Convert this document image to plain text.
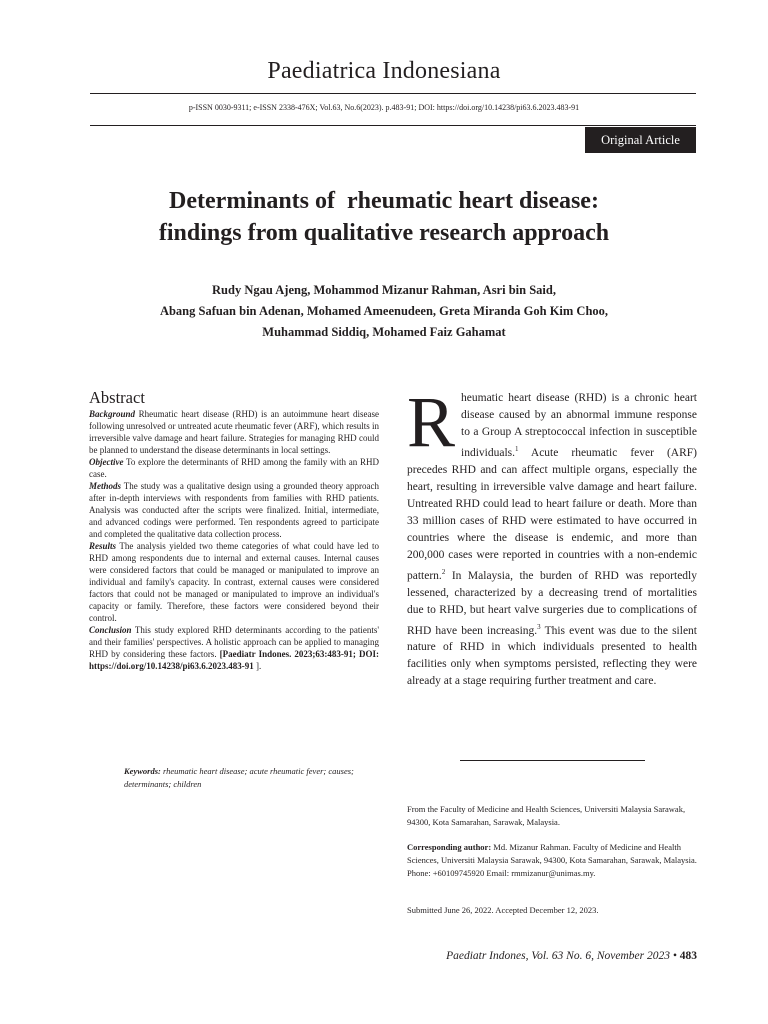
Paediatrica Indonesiana
p-ISSN 0030-9311; e-ISSN 2338-476X; Vol.63, No.6(2023). p.483-91; DOI: https://doi.org/10.14238/pi63.6.2023.483-91
Original Article
Determinants of  rheumatic heart disease:
findings from qualitative research approach
Rudy Ngau Ajeng, Mohammod Mizanur Rahman, Asri bin Said,
Abang Safuan bin Adenan, Mohamed Ameenudeen, Greta Miranda Goh Kim Choo,
Muhammad Siddiq, Mohamed Faiz Gahamat
Abstract

Background Rheumatic heart disease (RHD) is an autoimmune heart disease following unresolved or untreated acute rheumatic fever (ARF), which results in irreversible valve damage and heart failure. Strategies for managing RHD could be planned to understand the disease determinants in local settings.

Objective To explore the determinants of RHD among the family with an RHD case.

Methods The study was a qualitative design using a grounded theory approach after in-depth interviews with respondents from families with RHD patients. Analysis was conducted after the scripts were finalized. Initial, intermediate, and advanced codings were performed. Ten respondents agreed to participate and completed the qualitative data collection process.

Results The analysis yielded two theme categories of what could have led to RHD among respondents due to internal and external causes. Internal causes were considered factors that could be managed or manipulated to improve an individual and family's capacity. In contrast, external causes were considered factors that could not be managed or manipulated to improve an individual's capacity or family. Therefore, these factors were considered beyond their control.

Conclusion This study explored RHD determinants according to the patients' and their families' perspectives. A holistic approach can be applied to managing RHD by considering these factors. [Paediatr Indones. 2023;63:483-91; DOI: https://doi.org/10.14238/pi63.6.2023.483-91 ].

Keywords: rheumatic heart disease; acute rheumatic fever; causes; determinants; children
Rheumatic heart disease (RHD) is a chronic heart disease caused by an abnormal immune response to a Group A streptococcal infection in susceptible individuals.$^1$ Acute rheumatic fever (ARF) precedes RHD and can affect multiple organs, especially the heart, resulting in irreversible valve damage and heart failure. Untreated RHD could lead to heart failure or death. More than 33 million cases of RHD were estimated to have occurred in countries where the disease is endemic, and more than 200,000 cases were reported in countries with a non-endemic pattern.$^2$ In Malaysia, the burden of RHD was reportedly lessened, characterized by a decreasing trend of mortalities due to RHD, but heart valve surgeries due to complications of RHD have been increasing.$^3$ This event was due to the silent nature of RHD in which individuals presented to health facilities only when symptoms persisted, reflecting they were already at a stage requiring further treatment and care.
From the Faculty of Medicine and Health Sciences, Universiti Malaysia Sarawak, 94300, Kota Samarahan, Sarawak, Malaysia.
Corresponding author: Md. Mizanur Rahman. Faculty of Medicine and Health Sciences, Universiti Malaysia Sarawak, 94300, Kota Samarahan, Sarawak, Malaysia. Phone: +60109745920 Email: rmmizanur@unimas.my.
Submitted June 26, 2022. Accepted December 12, 2023.
Paediatr Indones, Vol. 63 No. 6, November 2023 • 483
